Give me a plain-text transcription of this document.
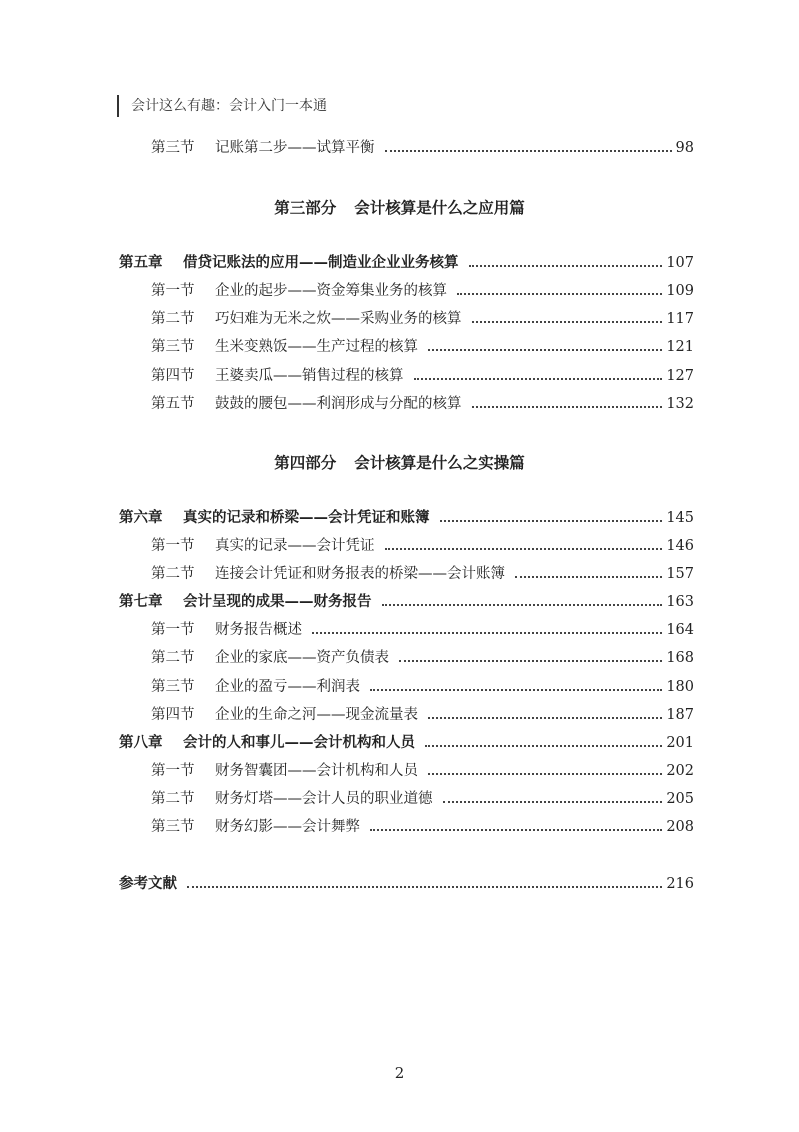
会计这么有趣：会计入门一本通
第三节	记账第二步——试算平衡	98
第三部分 会计核算是什么之应用篇
第五章	借贷记账法的应用——制造业企业业务核算	107
第一节	企业的起步——资金筹集业务的核算	109
第二节	巧妇难为无米之炊——采购业务的核算	117
第三节	生米变熟饭——生产过程的核算	121
第四节	王婆卖瓜——销售过程的核算	127
第五节	鼓鼓的腰包——利润形成与分配的核算	132
第四部分 会计核算是什么之实操篇
第六章	真实的记录和桥梁——会计凭证和账簿	145
第一节	真实的记录——会计凭证	146
第二节	连接会计凭证和财务报表的桥梁——会计账簿	157
第七章	会计呈现的成果——财务报告	163
第一节	财务报告概述	164
第二节	企业的家底——资产负债表	168
第三节	企业的盈亏——利润表	180
第四节	企业的生命之河——现金流量表	187
第八章	会计的人和事儿——会计机构和人员	201
第一节	财务智囊团——会计机构和人员	202
第二节	财务灯塔——会计人员的职业道德	205
第三节	财务幻影——会计舞弊	208
参考文献	216
2
